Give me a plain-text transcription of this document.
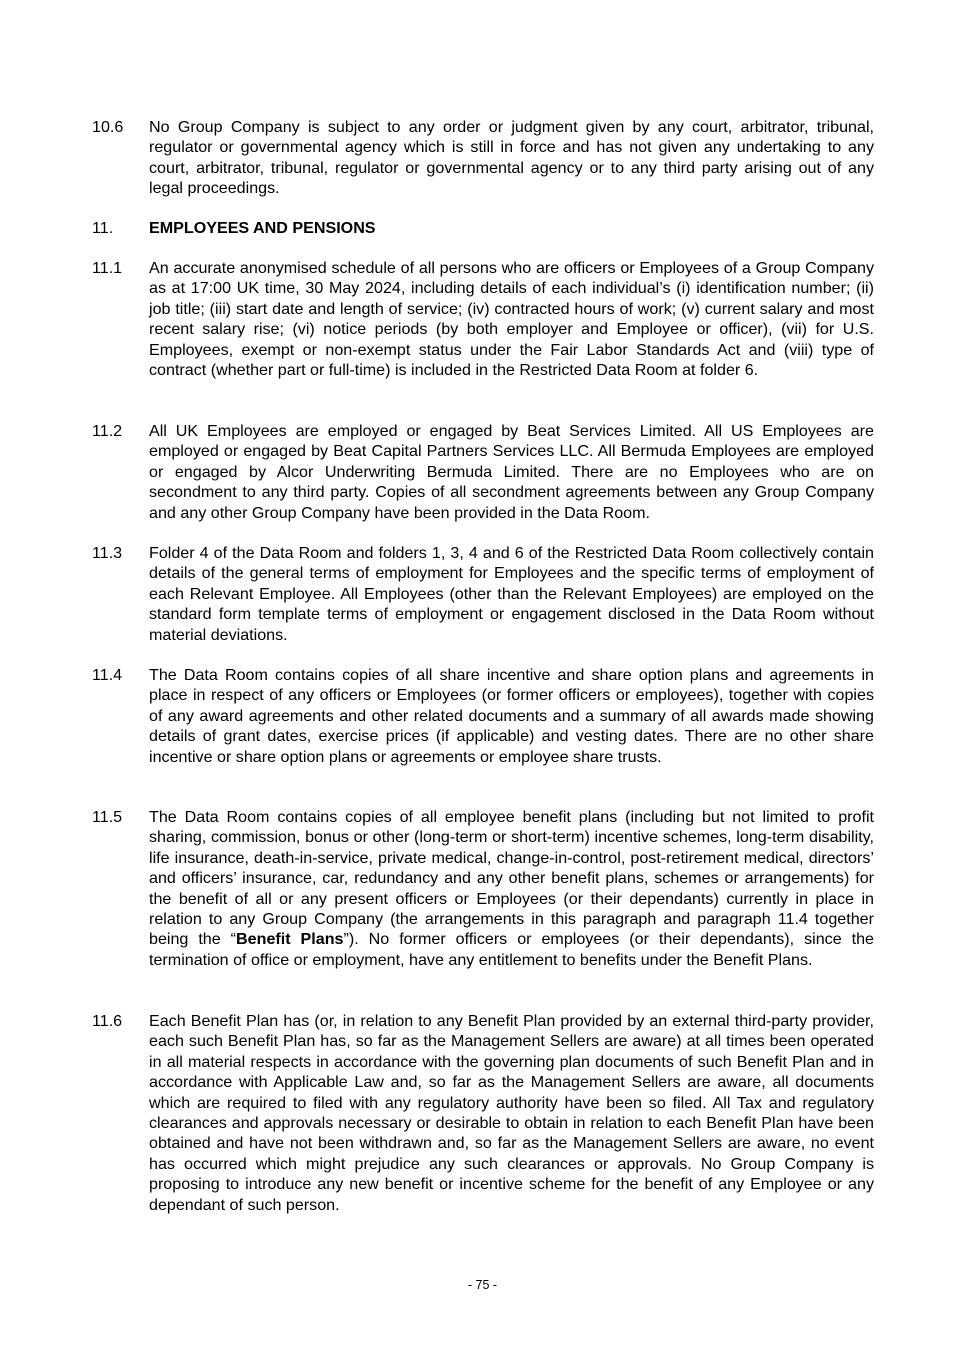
10.6	No Group Company is subject to any order or judgment given by any court, arbitrator, tribunal, regulator or governmental agency which is still in force and has not given any undertaking to any court, arbitrator, tribunal, regulator or governmental agency or to any third party arising out of any legal proceedings.
11.	EMPLOYEES AND PENSIONS
11.1	An accurate anonymised schedule of all persons who are officers or Employees of a Group Company as at 17:00 UK time, 30 May 2024, including details of each individual’s (i) identification number; (ii) job title; (iii) start date and length of service; (iv) contracted hours of work; (v) current salary and most recent salary rise; (vi) notice periods (by both employer and Employee or officer), (vii) for U.S. Employees, exempt or non-exempt status under the Fair Labor Standards Act and (viii) type of contract (whether part or full-time) is included in the Restricted Data Room at folder 6.
11.2	All UK Employees are employed or engaged by Beat Services Limited. All US Employees are employed or engaged by Beat Capital Partners Services LLC. All Bermuda Employees are employed or engaged by Alcor Underwriting Bermuda Limited. There are no Employees who are on secondment to any third party. Copies of all secondment agreements between any Group Company and any other Group Company have been provided in the Data Room.
11.3	Folder 4 of the Data Room and folders 1, 3, 4 and 6 of the Restricted Data Room collectively contain details of the general terms of employment for Employees and the specific terms of employment of each Relevant Employee. All Employees (other than the Relevant Employees) are employed on the standard form template terms of employment or engagement disclosed in the Data Room without material deviations.
11.4	The Data Room contains copies of all share incentive and share option plans and agreements in place in respect of any officers or Employees (or former officers or employees), together with copies of any award agreements and other related documents and a summary of all awards made showing details of grant dates, exercise prices (if applicable) and vesting dates. There are no other share incentive or share option plans or agreements or employee share trusts.
11.5	The Data Room contains copies of all employee benefit plans (including but not limited to profit sharing, commission, bonus or other (long-term or short-term) incentive schemes, long-term disability, life insurance, death-in-service, private medical, change-in-control, post-retirement medical, directors’ and officers’ insurance, car, redundancy and any other benefit plans, schemes or arrangements) for the benefit of all or any present officers or Employees (or their dependants) currently in place in relation to any Group Company (the arrangements in this paragraph and paragraph 11.4 together being the “Benefit Plans”). No former officers or employees (or their dependants), since the termination of office or employment, have any entitlement to benefits under the Benefit Plans.
11.6	Each Benefit Plan has (or, in relation to any Benefit Plan provided by an external third-party provider, each such Benefit Plan has, so far as the Management Sellers are aware) at all times been operated in all material respects in accordance with the governing plan documents of such Benefit Plan and in accordance with Applicable Law and, so far as the Management Sellers are aware, all documents which are required to filed with any regulatory authority have been so filed. All Tax and regulatory clearances and approvals necessary or desirable to obtain in relation to each Benefit Plan have been obtained and have not been withdrawn and, so far as the Management Sellers are aware, no event has occurred which might prejudice any such clearances or approvals. No Group Company is proposing to introduce any new benefit or incentive scheme for the benefit of any Employee or any dependant of such person.
- 75 -
